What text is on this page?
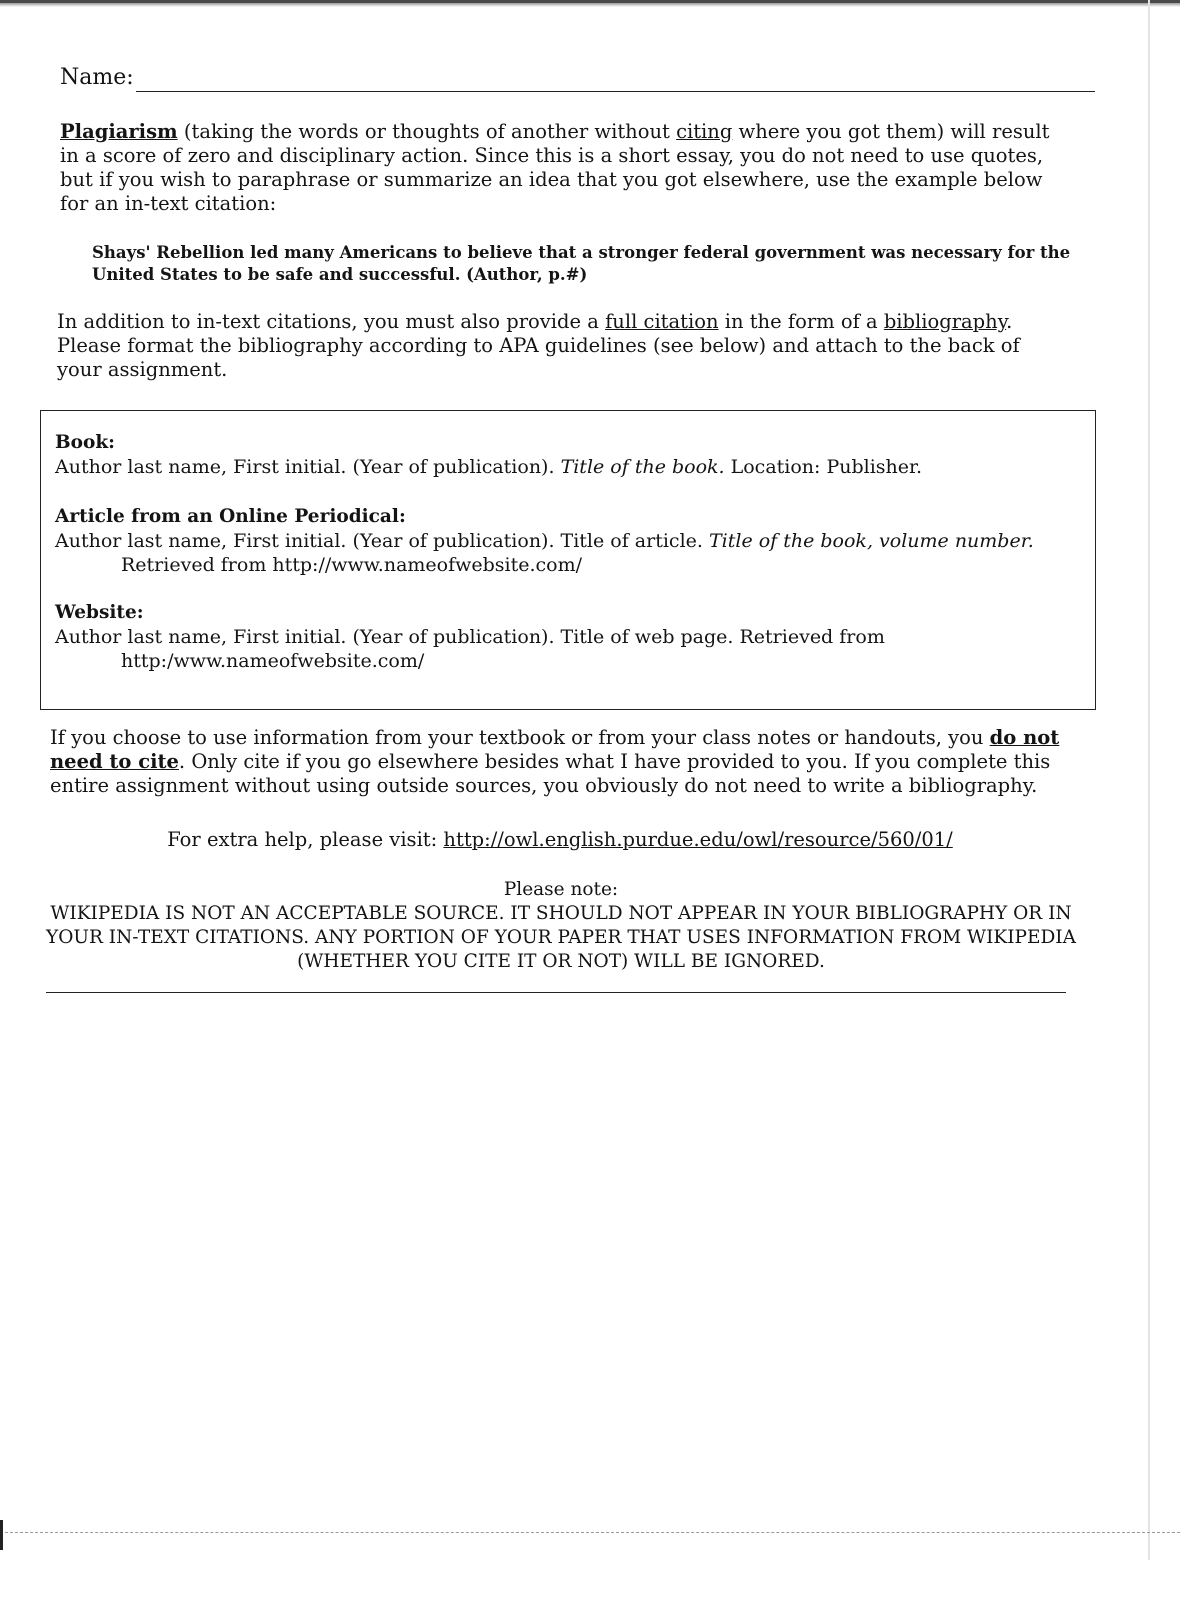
Name:

Plagiarism (taking the words or thoughts of another without citing where you got them) will result in a score of zero and disciplinary action. Since this is a short essay, you do not need to use quotes, but if you wish to paraphrase or summarize an idea that you got elsewhere, use the example below for an in-text citation:

Shays' Rebellion led many Americans to believe that a stronger federal government was necessary for the United States to be safe and successful. (Author, p.#)

In addition to in-text citations, you must also provide a full citation in the form of a bibliography. Please format the bibliography according to APA guidelines (see below) and attach to the back of your assignment.

Book:
Author last name, First initial. (Year of publication). Title of the book. Location: Publisher.
Article from an Online Periodical:
Author last name, First initial. (Year of publication). Title of article. Title of the book, volume number.
Retrieved from http://www.nameofwebsite.com/
Website:
Author last name, First initial. (Year of publication). Title of web page. Retrieved from
http:/www.nameofwebsite.com/

If you choose to use information from your textbook or from your class notes or handouts, you do not need to cite. Only cite if you go elsewhere besides what I have provided to you. If you complete this entire assignment without using outside sources, you obviously do not need to write a bibliography.

For extra help, please visit: http://owl.english.purdue.edu/owl/resource/560/01/
Please note:
WIKIPEDIA IS NOT AN ACCEPTABLE SOURCE. IT SHOULD NOT APPEAR IN YOUR BIBLIOGRAPHY OR IN YOUR IN-TEXT CITATIONS. ANY PORTION OF YOUR PAPER THAT USES INFORMATION FROM WIKIPEDIA (WHETHER YOU CITE IT OR NOT) WILL BE IGNORED.
